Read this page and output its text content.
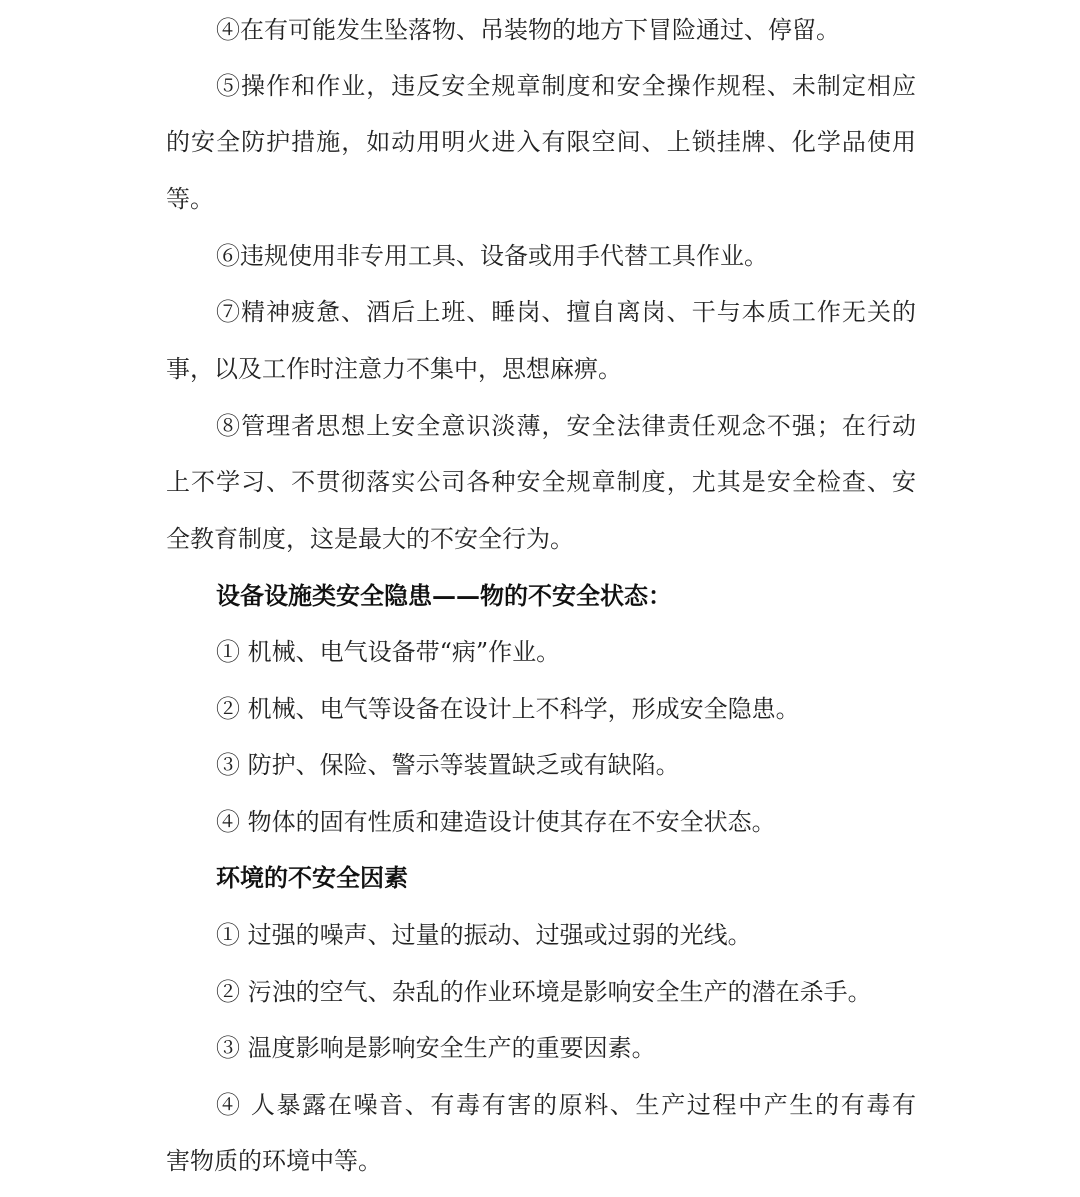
④在有可能发生坠落物、吊装物的地方下冒险通过、停留。

⑤操作和作业，违反安全规章制度和安全操作规程、未制定相应

的安全防护措施，如动用明火进入有限空间、上锁挂牌、化学品使用

等。

⑥违规使用非专用工具、设备或用手代替工具作业。

⑦精神疲惫、酒后上班、睡岗、擅自离岗、干与本质工作无关的

事，以及工作时注意力不集中，思想麻痹。

⑧管理者思想上安全意识淡薄，安全法律责任观念不强；在行动

上不学习、不贯彻落实公司各种安全规章制度，尤其是安全检查、安

全教育制度，这是最大的不安全行为。

设备设施类安全隐患——物的不安全状态：

① 机械、电气设备带“病”作业。

② 机械、电气等设备在设计上不科学，形成安全隐患。

③ 防护、保险、警示等装置缺乏或有缺陷。

④ 物体的固有性质和建造设计使其存在不安全状态。

环境的不安全因素

① 过强的噪声、过量的振动、过强或过弱的光线。

② 污浊的空气、杂乱的作业环境是影响安全生产的潜在杀手。

③ 温度影响是影响安全生产的重要因素。

④ 人暴露在噪音、有毒有害的原料、生产过程中产生的有毒有

害物质的环境中等。
